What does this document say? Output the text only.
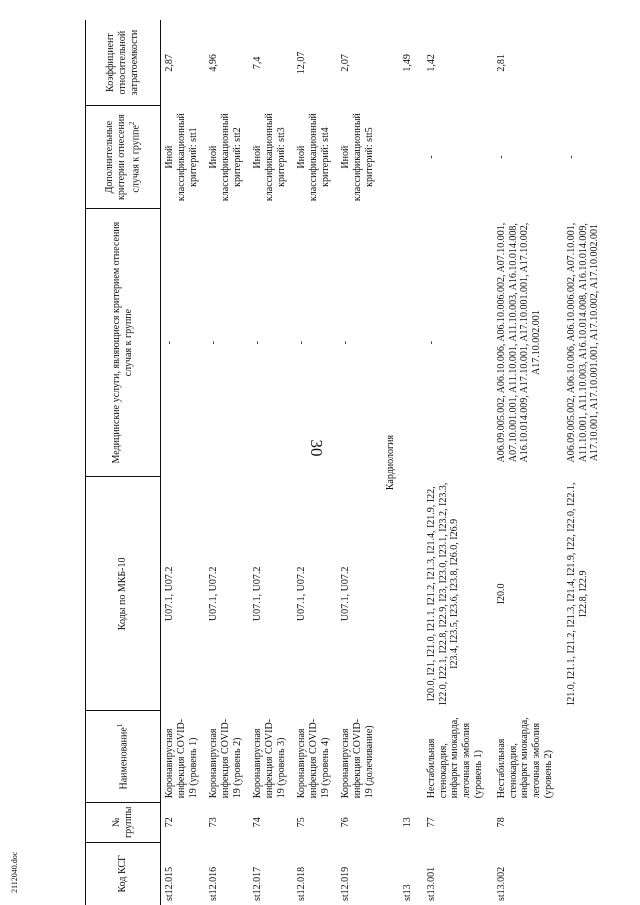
30
2112040.doc	Код КСГ	№ группы	Наименование$^1$	Коды по МКБ-10	Медицинские услуги, являющиеся критерием отнесения случая к группе	Дополнительные критерии отнесения случая к группе$^2$	Коэффициент относительной затратоемкости
st12.015	72	Коронавирусная инфекция COVID-19 (уровень 1)	U07.1, U07.2	-	Иной классификационный критерий: stt1	2,87
st12.016	73	Коронавирусная инфекция COVID-19 (уровень 2)	U07.1, U07.2	-	Иной классификационный критерий: stt2	4,96
st12.017	74	Коронавирусная инфекция COVID-19 (уровень 3)	U07.1, U07.2	-	Иной классификационный критерий: stt3	7,4
st12.018	75	Коронавирусная инфекция COVID-19 (уровень 4)	U07.1, U07.2	-	Иной классификационный критерий: stt4	12,07
st12.019	76	Коронавирусная инфекция COVID-19 (долечивание)	U07.1, U07.2	-	Иной классификационный критерий: stt5	2,07
Кардиология						
st13	13					1,49
st13.001	77	Нестабильная стенокардия, инфаркт миокарда, легочная эмболия (уровень 1)	I20.0, I21, I21.0, I21.1, I21.2, I21.3, I21.4, I21.9, I22, I22.0, I22.1, I22.8, I22.9, I23, I23.0, I23.1, I23.2, I23.3, I23.4, I23.5, I23.6, I23.8, I26.0, I26.9	-	-	1,42
st13.002	78	Нестабильная стенокардия, инфаркт миокарда, легочная эмболия (уровень 2)	I20.0	A06.09.005.002, A06.10.006, A06.10.006.002, A07.10.001, A07.10.001.001, A11.10.001, A11.10.003, A16.10.014.008, A16.10.014.009, A17.10.001, A17.10.001.001, A17.10.002, A17.10.002.001	-	2,81
			I21.0, I21.1, I21.2, I21.3, I21.4, I21.9, I22, I22.0, I22.1, I22.8, I22.9	A06.09.005.002, A06.10.006, A06.10.006.002, A07.10.001, A11.10.001, A11.10.003, A16.10.014.008, A16.10.014.009, A17.10.001, A17.10.001.001, A17.10.002, A17.10.002.001	-	
